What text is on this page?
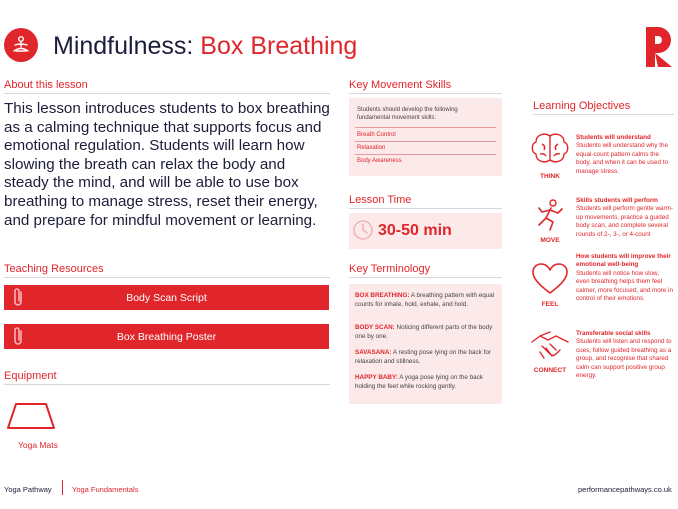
Mindfulness: Box Breathing
About this lesson
This lesson introduces students to box breathing as a calming technique that supports focus and emotional regulation. Students will learn how slowing the breath can relax the body and steady the mind, and will be able to use box breathing to manage stress, reset their energy, and prepare for mindful movement or learning.
Teaching Resources
Body Scan Script
Box Breathing Poster
Equipment
Yoga Mats
Key Movement Skills
Students should develop the following fundamental movement skills:
Breath Control
Relaxation
Body Awareness
Lesson Time
30-50 min
Key Terminology
BOX BREATHING: A breathing pattern with equal counts for inhale, hold, exhale, and hold.
BODY SCAN: Noticing different parts of the body one by one.
SAVASANA: A resting pose lying on the back for relaxation and stillness.
HAPPY BABY: A yoga pose lying on the back holding the feet while rocking gently.
Learning Objectives
THINK
Students will understand
Students will understand why the equal-count pattern calms the body, and when it can be used to manage stress.
MOVE
Skills students will perform
Students will perform gentle warm-up movements, practice a guided body scan, and complete several rounds of 2-, 3-, or 4-count
FEEL
How students will improve their emotional well-being
Students will notice how slow, even breathing helps them feel calmer, more focused, and more in control of their emotions.
CONNECT
Transferable social skills
Students will listen and respond to cues, follow guided breathing as a group, and recognise that shared calm can support positive group energy.
Yoga Pathway	Yoga Fundamentals	performancepathways.co.uk
